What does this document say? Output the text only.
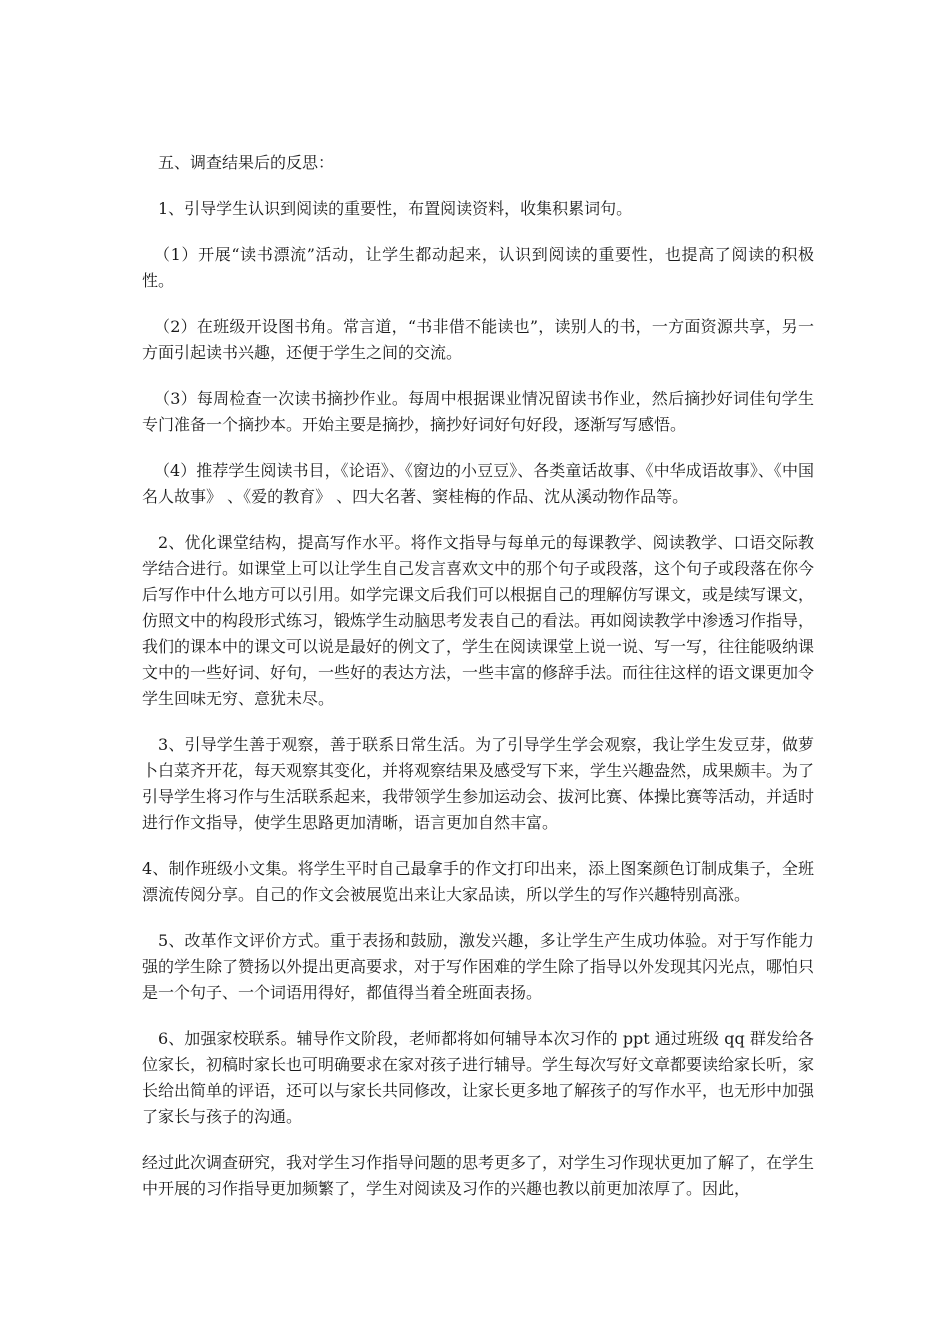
五、调查结果后的反思：

1、引导学生认识到阅读的重要性，布置阅读资料，收集积累词句。

（1）开展“读书漂流”活动，让学生都动起来，认识到阅读的重要性，也提高了阅读的积极性。

（2）在班级开设图书角。常言道，“书非借不能读也”，读别人的书，一方面资源共享，另一方面引起读书兴趣，还便于学生之间的交流。

（3）每周检查一次读书摘抄作业。每周中根据课业情况留读书作业，然后摘抄好词佳句学生专门准备一个摘抄本。开始主要是摘抄，摘抄好词好句好段，逐渐写写感悟。

（4）推荐学生阅读书目，《论语》、《窗边的小豆豆》、各类童话故事、《中华成语故事》、《中国名人故事》 、《爱的教育》 、四大名著、窦桂梅的作品、沈从溪动物作品等。

2、优化课堂结构，提高写作水平。将作文指导与每单元的每课教学、阅读教学、口语交际教学结合进行。如课堂上可以让学生自己发言喜欢文中的那个句子或段落，这个句子或段落在你今后写作中什么地方可以引用。如学完课文后我们可以根据自己的理解仿写课文，或是续写课文，仿照文中的构段形式练习，锻炼学生动脑思考发表自己的看法。再如阅读教学中渗透习作指导，我们的课本中的课文可以说是最好的例文了，学生在阅读课堂上说一说、写一写，往往能吸纳课文中的一些好词、好句，一些好的表达方法，一些丰富的修辞手法。而往往这样的语文课更加令学生回味无穷、意犹未尽。

3、引导学生善于观察，善于联系日常生活。为了引导学生学会观察，我让学生发豆芽，做萝卜白菜齐开花，每天观察其变化，并将观察结果及感受写下来，学生兴趣盎然，成果颇丰。为了引导学生将习作与生活联系起来，我带领学生参加运动会、拔河比赛、体操比赛等活动，并适时进行作文指导，使学生思路更加清晰，语言更加自然丰富。

4、制作班级小文集。将学生平时自己最拿手的作文打印出来，添上图案颜色订制成集子，全班漂流传阅分享。自己的作文会被展览出来让大家品读，所以学生的写作兴趣特别高涨。

5、改革作文评价方式。重于表扬和鼓励，激发兴趣，多让学生产生成功体验。对于写作能力强的学生除了赞扬以外提出更高要求，对于写作困难的学生除了指导以外发现其闪光点，哪怕只是一个句子、一个词语用得好，都值得当着全班面表扬。

6、加强家校联系。辅导作文阶段，老师都将如何辅导本次习作的 ppt 通过班级 qq 群发给各位家长，初稿时家长也可明确要求在家对孩子进行辅导。学生每次写好文章都要读给家长听，家长给出简单的评语，还可以与家长共同修改，让家长更多地了解孩子的写作水平，也无形中加强了家长与孩子的沟通。

经过此次调查研究，我对学生习作指导问题的思考更多了，对学生习作现状更加了解了，在学生中开展的习作指导更加频繁了，学生对阅读及习作的兴趣也教以前更加浓厚了。因此，
